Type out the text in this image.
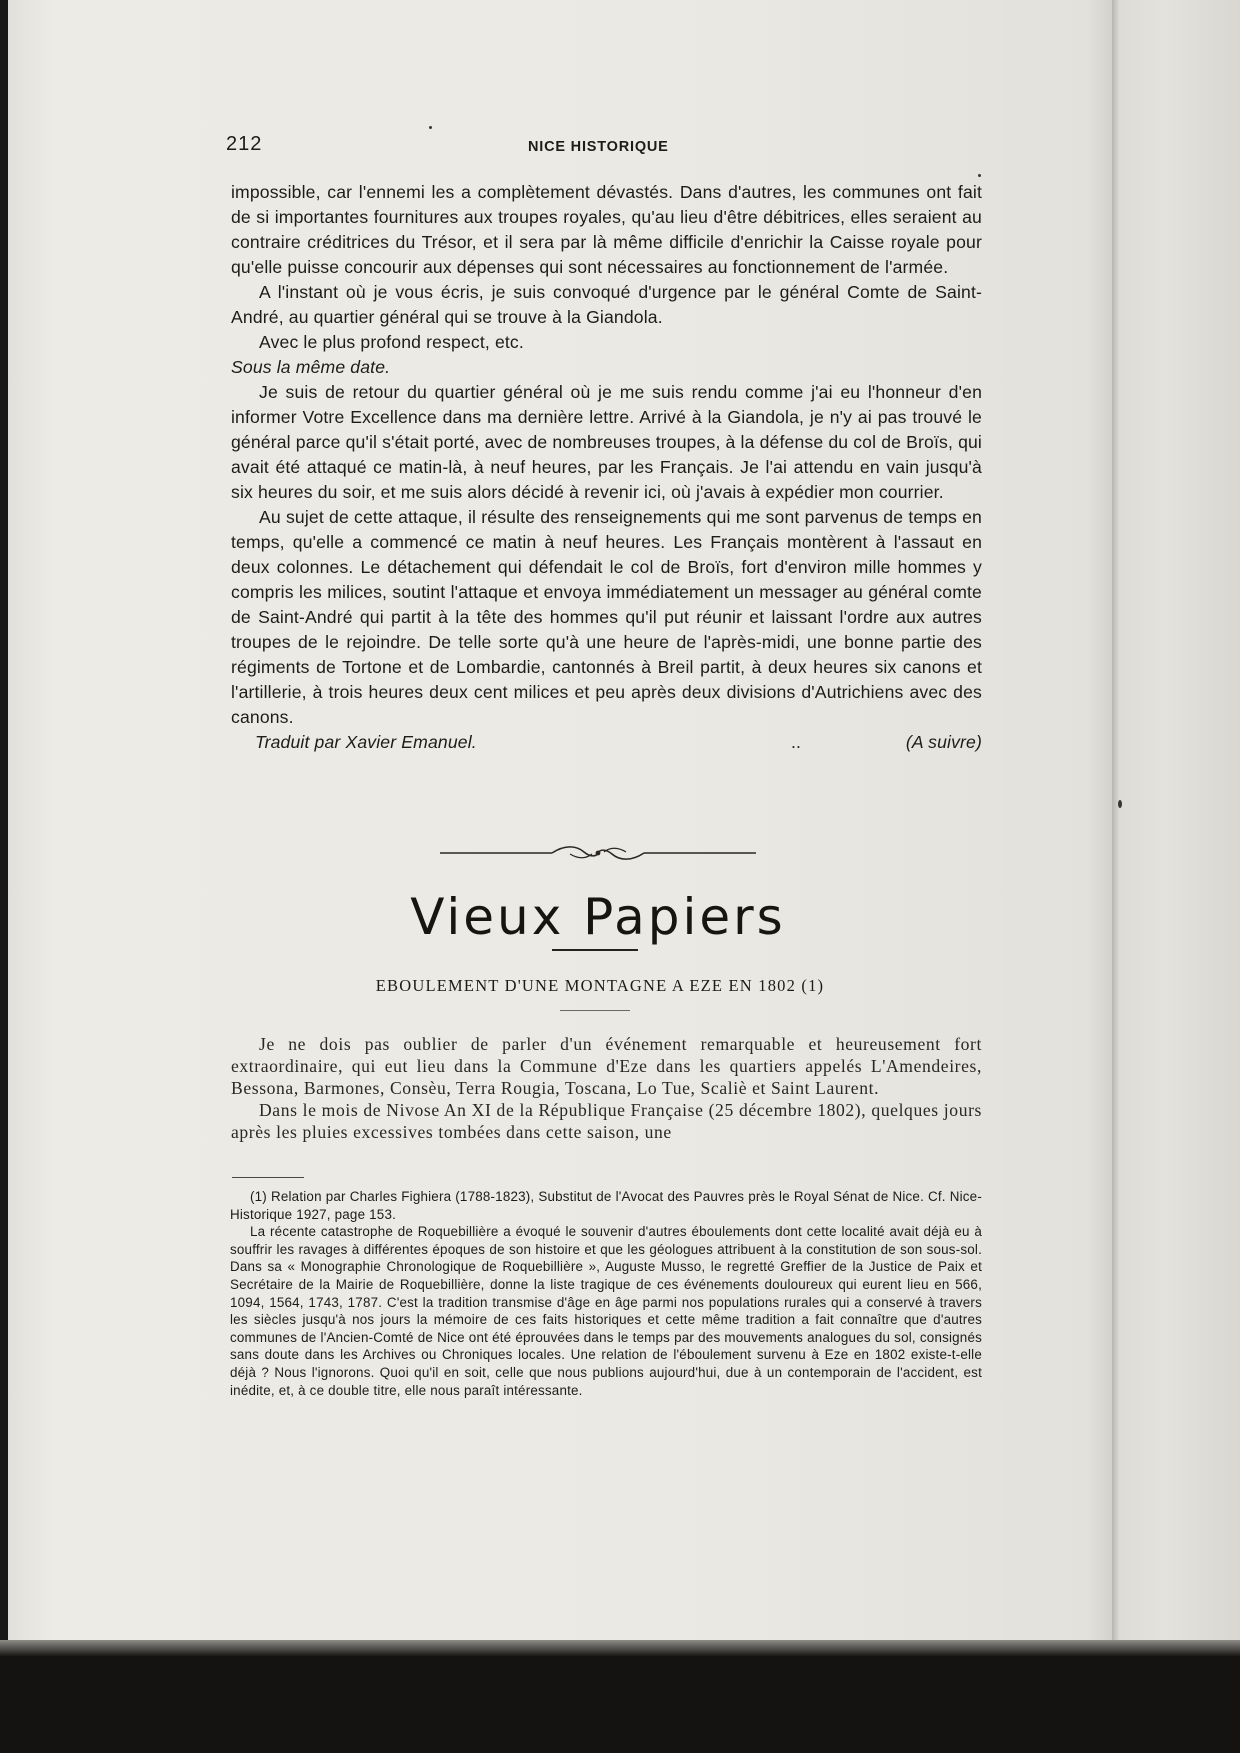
212	NICE HISTORIQUE

impossible, car l'ennemi les a complètement dévastés. Dans d'autres, les communes ont fait de si importantes fournitures aux troupes royales, qu'au lieu d'être débitrices, elles seraient au contraire créditrices du Trésor, et il sera par là même difficile d'enrichir la Caisse royale pour qu'elle puisse concourir aux dépenses qui sont nécessaires au fonctionnement de l'armée.

A l'instant où je vous écris, je suis convoqué d'urgence par le général Comte de Saint-André, au quartier général qui se trouve à la Giandola.

Avec le plus profond respect, etc.

Sous la même date.

Je suis de retour du quartier général où je me suis rendu comme j'ai eu l'honneur d'en informer Votre Excellence dans ma dernière lettre. Arrivé à la Giandola, je n'y ai pas trouvé le général parce qu'il s'était porté, avec de nombreuses troupes, à la défense du col de Broïs, qui avait été attaqué ce matin-là, à neuf heures, par les Français. Je l'ai attendu en vain jusqu'à six heures du soir, et me suis alors décidé à revenir ici, où j'avais à expédier mon courrier.

Au sujet de cette attaque, il résulte des renseignements qui me sont parvenus de temps en temps, qu'elle a commencé ce matin à neuf heures. Les Français montèrent à l'assaut en deux colonnes. Le détachement qui défendait le col de Broïs, fort d'environ mille hommes y compris les milices, soutint l'attaque et envoya immédiatement un messager au général comte de Saint-André qui partit à la tête des hommes qu'il put réunir et laissant l'ordre aux autres troupes de le rejoindre. De telle sorte qu'à une heure de l'après-midi, une bonne partie des régiments de Tortone et de Lombardie, cantonnés à Breil partit, à deux heures six canons et l'artillerie, à trois heures deux cent milices et peu après deux divisions d'Autrichiens avec des canons.

Traduit par Xavier Emanuel.	..	(A suivre)
Vieux Papiers
EBOULEMENT D'UNE MONTAGNE A EZE EN 1802 (1)

Je ne dois pas oublier de parler d'un événement remarquable et heureusement fort extraordinaire, qui eut lieu dans la Commune d'Eze dans les quartiers appelés L'Amendeires, Bessona, Barmones, Consèu, Terra Rougia, Toscana, Lo Tue, Scaliè et Saint Laurent.

Dans le mois de Nivose An XI de la République Française (25 décembre 1802), quelques jours après les pluies excessives tombées dans cette saison, une

(1) Relation par Charles Fighiera (1788-1823), Substitut de l'Avocat des Pauvres près le Royal Sénat de Nice. Cf. Nice-Historique 1927, page 153.

La récente catastrophe de Roquebillière a évoqué le souvenir d'autres éboulements dont cette localité avait déjà eu à souffrir les ravages à différentes époques de son histoire et que les géologues attribuent à la constitution de son sous-sol. Dans sa « Monographie Chronologique de Roquebillière », Auguste Musso, le regretté Greffier de la Justice de Paix et Secrétaire de la Mairie de Roquebillière, donne la liste tragique de ces événements douloureux qui eurent lieu en 566, 1094, 1564, 1743, 1787. C'est la tradition transmise d'âge en âge parmi nos populations rurales qui a conservé à travers les siècles jusqu'à nos jours la mémoire de ces faits historiques et cette même tradition a fait connaître que d'autres communes de l'Ancien-Comté de Nice ont été éprouvées dans le temps par des mouvements analogues du sol, consignés sans doute dans les Archives ou Chroniques locales. Une relation de l'éboulement survenu à Eze en 1802 existe-t-elle déjà ? Nous l'ignorons. Quoi qu'il en soit, celle que nous publions aujourd'hui, due à un contemporain de l'accident, est inédite, et, à ce double titre, elle nous paraît intéressante.
